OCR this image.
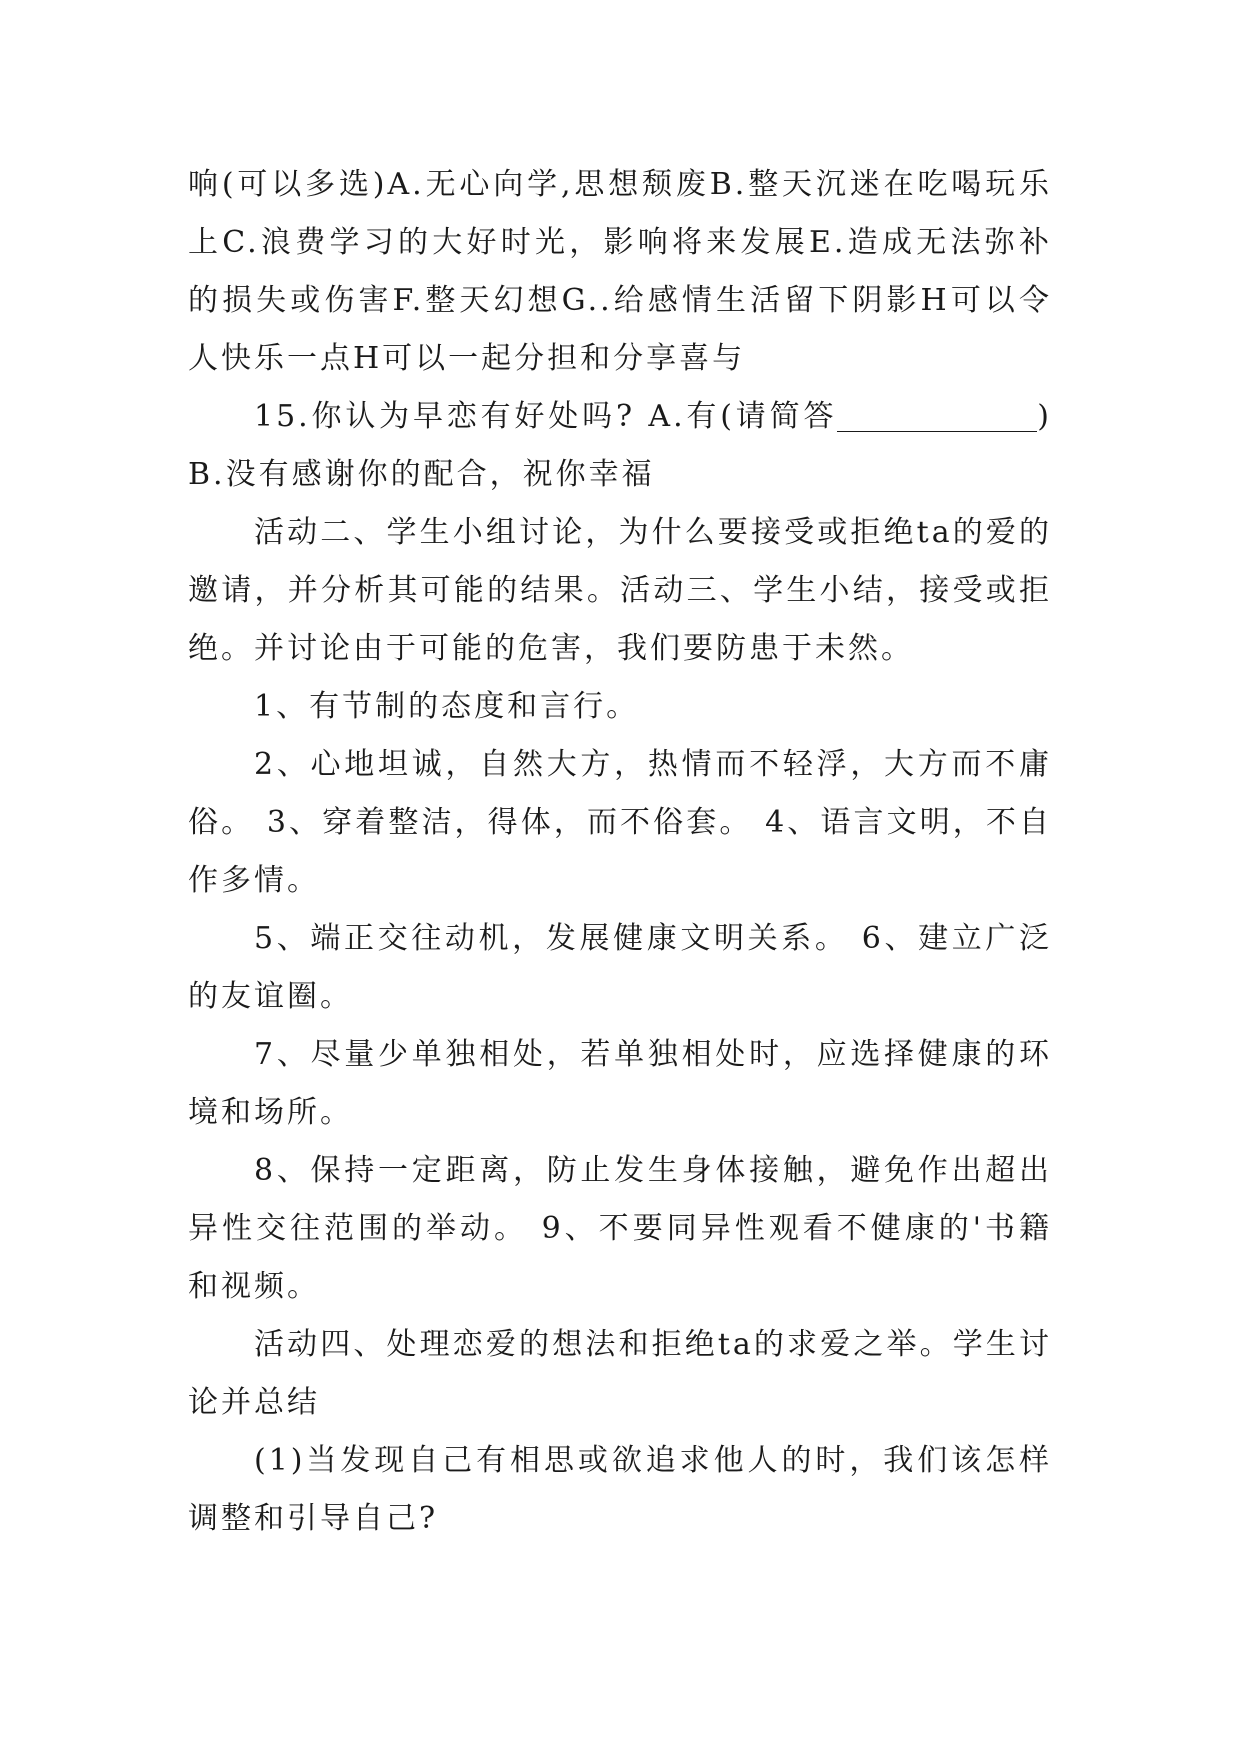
响(可以多选)A.无心向学,思想颓废B.整天沉迷在吃喝玩乐上C.浪费学习的大好时光，影响将来发展E.造成无法弥补的损失或伤害F.整天幻想G..给感情生活留下阴影H可以令人快乐一点H可以一起分担和分享喜与

15.你认为早恋有好处吗? A.有(请简答	) B.没有感谢你的配合，祝你幸福

活动二、学生小组讨论，为什么要接受或拒绝ta的爱的邀请，并分析其可能的结果。活动三、学生小结，接受或拒绝。并讨论由于可能的危害，我们要防患于未然。

1、有节制的态度和言行。

2、心地坦诚，自然大方，热情而不轻浮，大方而不庸俗。 3、穿着整洁，得体，而不俗套。 4、语言文明，不自作多情。

5、端正交往动机，发展健康文明关系。 6、建立广泛的友谊圈。

7、尽量少单独相处，若单独相处时，应选择健康的环境和场所。

8、保持一定距离，防止发生身体接触，避免作出超出异性交往范围的举动。 9、不要同异性观看不健康的'书籍和视频。

活动四、处理恋爱的想法和拒绝ta的求爱之举。学生讨论并总结

(1)当发现自己有相思或欲追求他人的时，我们该怎样调整和引导自己?
